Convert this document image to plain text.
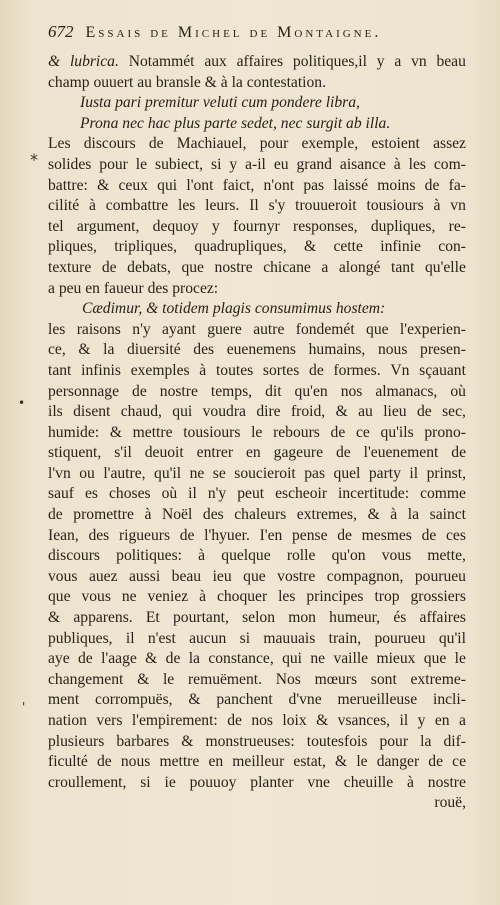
672 Essais de Michel de Montaigne.
*
•
'
& lubrica. Notammét aux affaires politiques,il y a vn beau
champ ouuert au bransle & à la contestation.
Iusta pari premitur veluti cum pondere libra,
Prona nec hac plus parte sedet, nec surgit ab illa.
Les discours de Machiauel, pour exemple, estoient assez
solides pour le subiect, si y a-il eu grand aisance à les com-
battre: & ceux qui l'ont faict, n'ont pas laissé moins de fa-
cilité à combattre les leurs. Il s'y trouueroit tousiours à vn
tel argument, dequoy y fournyr responses, dupliques, re-
pliques, tripliques, quadrupliques, & cette infinie con-
texture de debats, que nostre chicane a alongé tant qu'elle
a peu en faueur des procez:
Cædimur, & totidem plagis consumimus hostem:
les raisons n'y ayant guere autre fondemét que l'experien-
ce, & la diuersité des euenemens humains, nous presen-
tant infinis exemples à toutes sortes de formes. Vn sçauant
personnage de nostre temps, dit qu'en nos almanacs, où
ils disent chaud, qui voudra dire froid, & au lieu de sec,
humide: & mettre tousiours le rebours de ce qu'ils prono-
stiquent, s'il deuoit entrer en gageure de l'euenement de
l'vn ou l'autre, qu'il ne se soucieroit pas quel party il prinst,
sauf es choses où il n'y peut escheoir incertitude: comme
de promettre à Noël des chaleurs extremes, & à la sainct
Iean, des rigueurs de l'hyuer. I'en pense de mesmes de ces
discours politiques: à quelque rolle qu'on vous mette,
vous auez aussi beau ieu que vostre compagnon, pourueu
que vous ne veniez à choquer les principes trop grossiers
& apparens. Et pourtant, selon mon humeur, és affaires
publiques, il n'est aucun si mauuais train, pourueu qu'il
aye de l'aage & de la constance, qui ne vaille mieux que le
changement & le remuëment. Nos mœurs sont extreme-
ment corrompuës, & panchent d'vne merueilleuse incli-
nation vers l'empirement: de nos loix & vsances, il y en a
plusieurs barbares & monstrueuses: toutesfois pour la dif-
ficulté de nous mettre en meilleur estat, & le danger de ce
croullement, si ie pouuoy planter vne cheuille à nostre
rouë,
